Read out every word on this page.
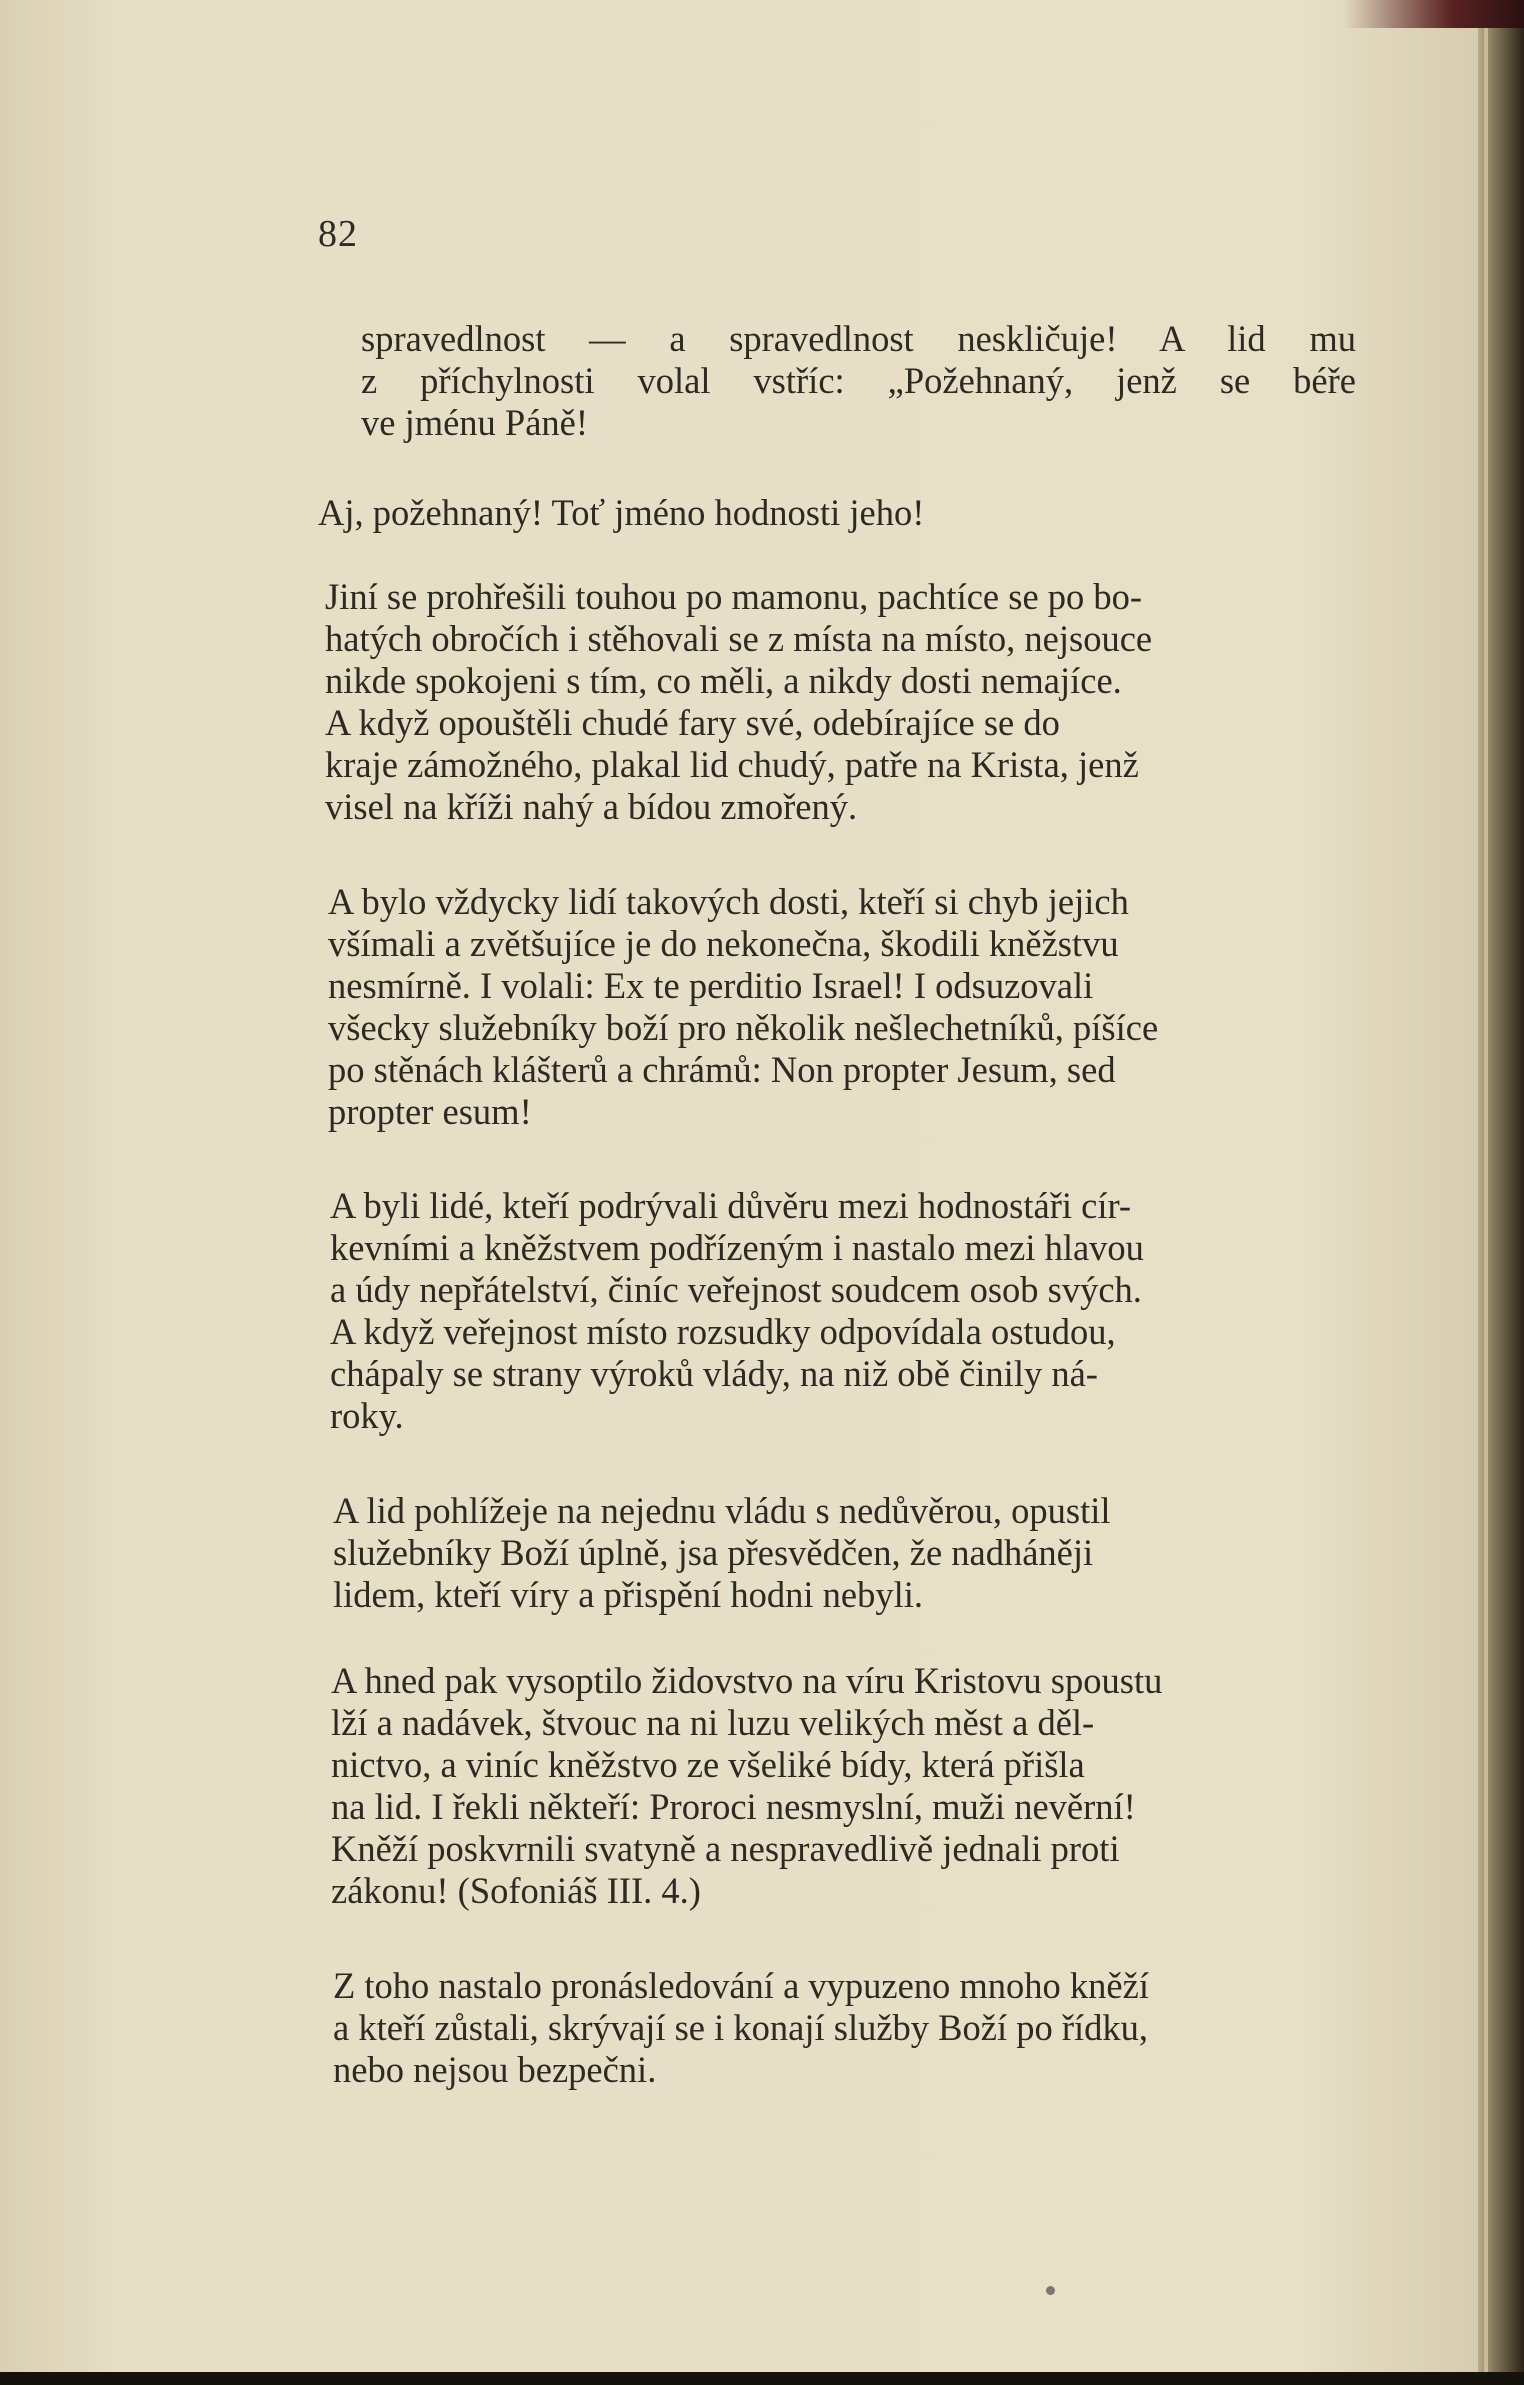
82

spravedlnost — a spravedlnost neskličuje! A lid mu
z příchylnosti volal vstříc: „Požehnaný, jenž se béře
ve jménu Páně!

Aj, požehnaný! Toť jméno hodnosti jeho!

Jiní se prohřešili touhou po mamonu, pachtíce se po bo-
hatých obročích i stěhovali se z místa na místo, nejsouce
nikde spokojeni s tím, co měli, a nikdy dosti nemajíce.
A když opouštěli chudé fary své, odebírajíce se do
kraje zámožného, plakal lid chudý, patře na Krista, jenž
visel na kříži nahý a bídou zmořený.

A bylo vždycky lidí takových dosti, kteří si chyb jejich
všímali a zvětšujíce je do nekonečna, škodili kněžstvu
nesmírně. I volali: Ex te perditio Israel! I odsuzovali
všecky služebníky boží pro několik nešlechetníků, píšíce
po stěnách klášterů a chrámů: Non propter Jesum, sed
propter esum!

A byli lidé, kteří podrývali důvěru mezi hodnostáři cír-
kevními a kněžstvem podřízeným i nastalo mezi hlavou
a údy nepřátelství, činíc veřejnost soudcem osob svých.
A když veřejnost místo rozsudky odpovídala ostudou,
chápaly se strany výroků vlády, na niž obě činily ná-
roky.

A lid pohlížeje na nejednu vládu s nedůvěrou, opustil
služebníky Boží úplně, jsa přesvědčen, že nadháněji
lidem, kteří víry a přispění hodni nebyli.

A hned pak vysoptilo židovstvo na víru Kristovu spoustu
lží a nadávek, štvouc na ni luzu velikých měst a děl-
nictvo, a viníc kněžstvo ze všeliké bídy, která přišla
na lid. I řekli někteří: Proroci nesmyslní, muži nevěrní!
Kněží poskvrnili svatyně a nespravedlivě jednali proti
zákonu! (Sofoniáš III. 4.)

Z toho nastalo pronásledování a vypuzeno mnoho kněží
a kteří zůstali, skrývají se i konají služby Boží po řídku,
nebo nejsou bezpečni.
